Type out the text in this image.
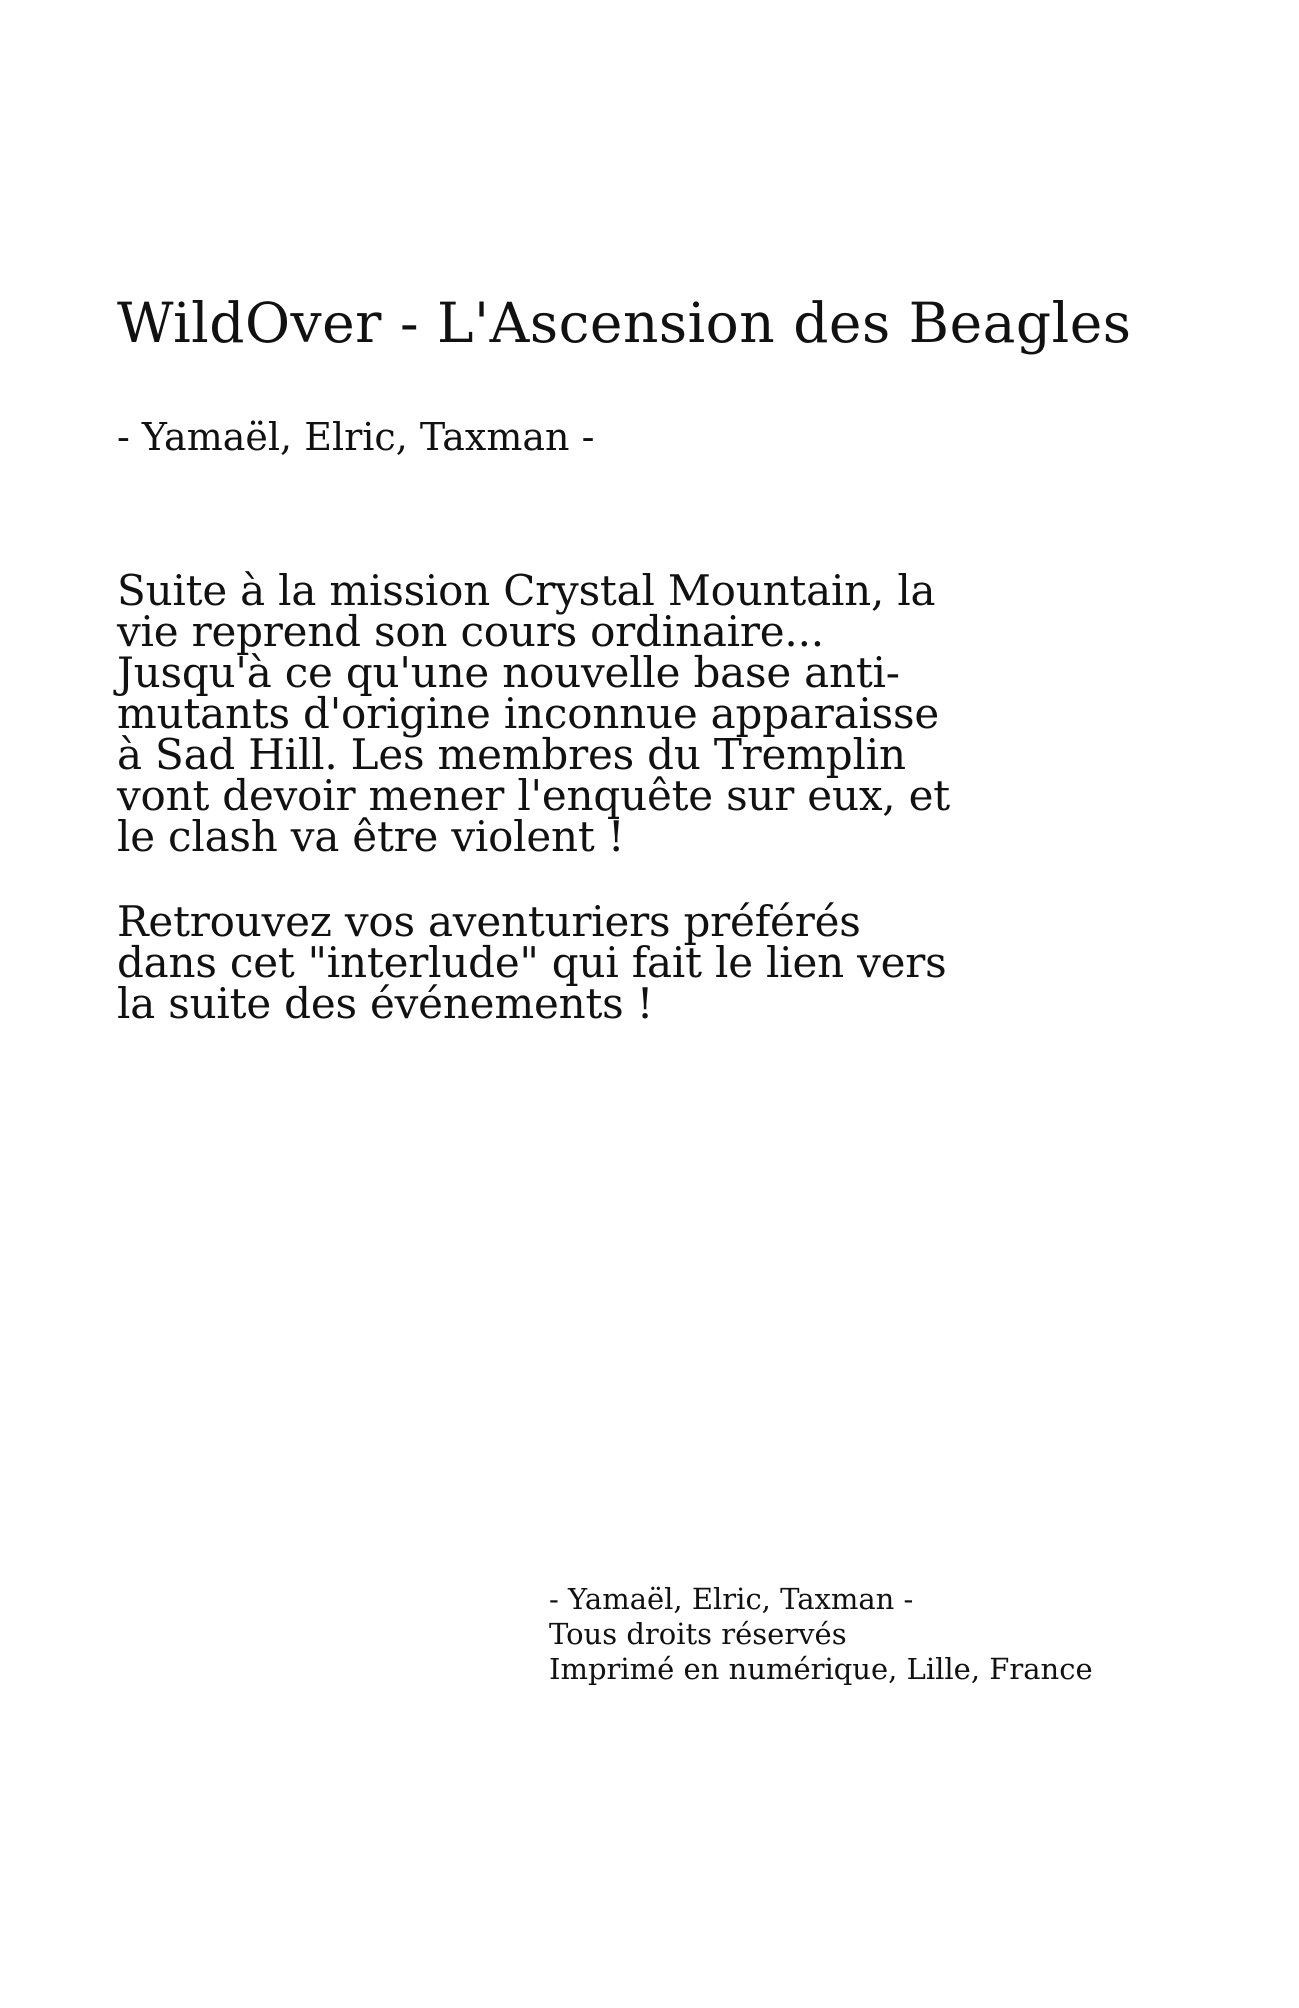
WildOver - L'Ascension des Beagles
- Yamaël, Elric, Taxman -

Suite à la mission Crystal Mountain, la
vie reprend son cours ordinaire...
Jusqu'à ce qu'une nouvelle base anti-
mutants d'origine inconnue apparaisse
à Sad Hill. Les membres du Tremplin
vont devoir mener l'enquête sur eux, et
le clash va être violent !

Retrouvez vos aventuriers préférés
dans cet "interlude" qui fait le lien vers
la suite des événements !

- Yamaël, Elric, Taxman -
Tous droits réservés
Imprimé en numérique, Lille, France
